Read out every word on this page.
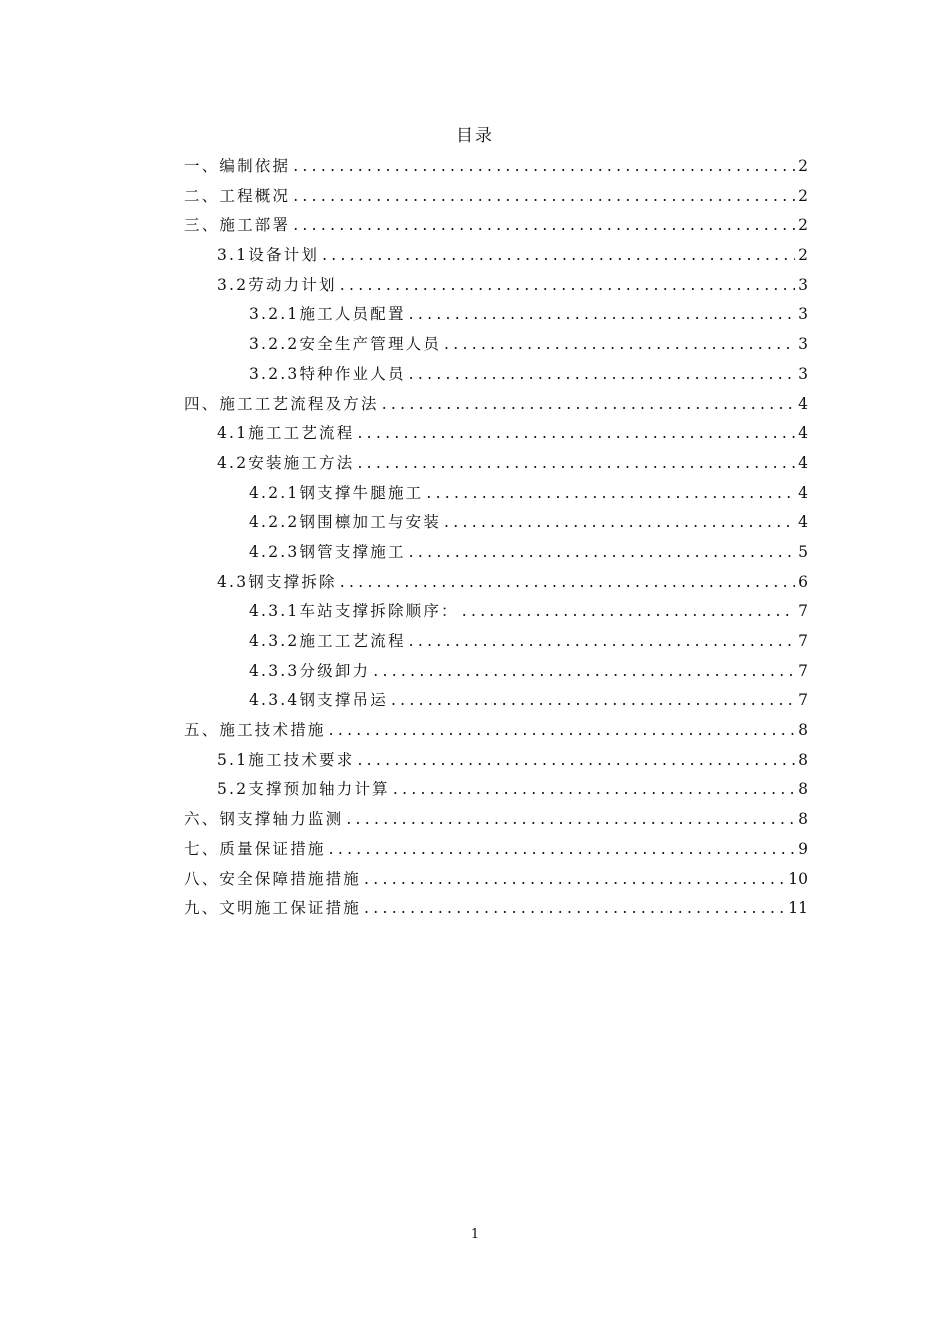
目录
一、编制依据 .....	2
二、工程概况 .....	2
三、施工部署 .....	2
3.1设备计划 .....	2
3.2劳动力计划 .....	3
3.2.1施工人员配置 .....	3
3.2.2安全生产管理人员 .....	3
3.2.3特种作业人员 .....	3
四、施工工艺流程及方法 .....	4
4.1施工工艺流程 .....	4
4.2安装施工方法 .....	4
4.2.1钢支撑牛腿施工 .....	4
4.2.2钢围檩加工与安装 .....	4
4.2.3钢管支撑施工 .....	5
4.3钢支撑拆除 .....	6
4.3.1车站支撑拆除顺序： .....	7
4.3.2施工工艺流程 .....	7
4.3.3分级卸力 .....	7
4.3.4钢支撑吊运 .....	7
五、施工技术措施 .....	8
5.1施工技术要求 .....	8
5.2支撑预加轴力计算 .....	8
六、钢支撑轴力监测 .....	8
七、质量保证措施 .....	9
八、安全保障措施措施 .....	10
九、文明施工保证措施 .....	11
1
